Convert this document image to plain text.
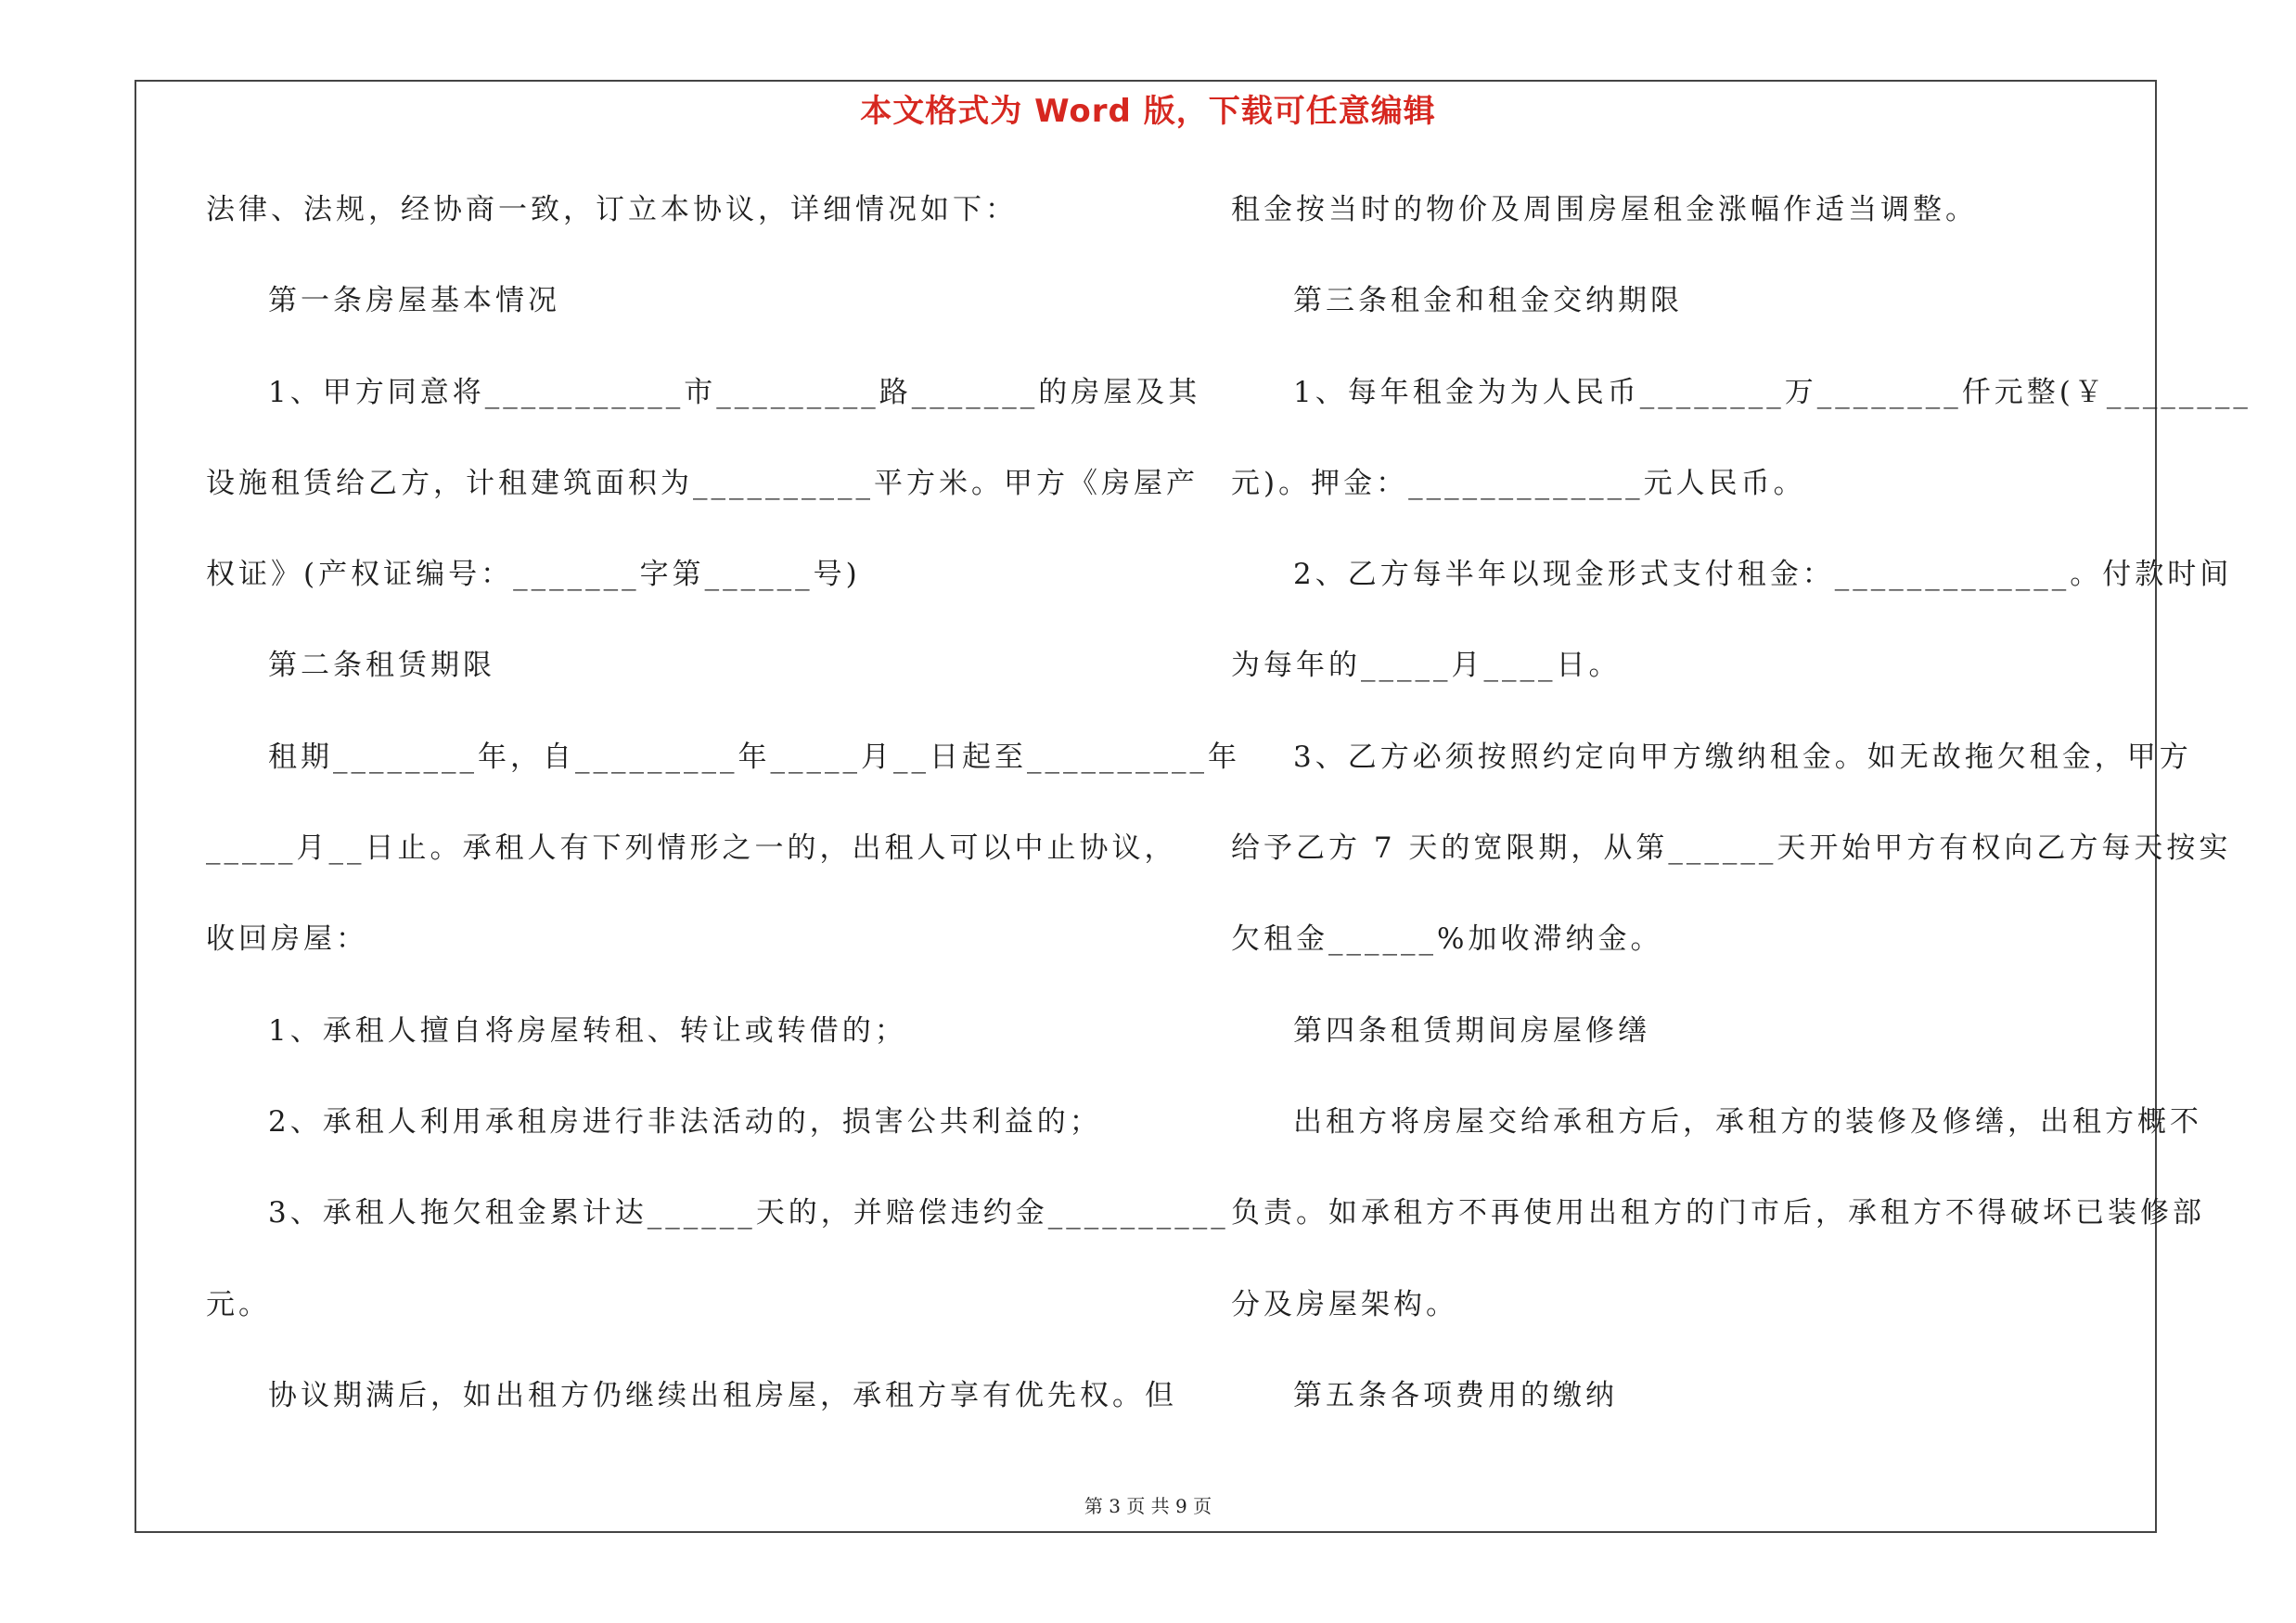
本文格式为 Word 版，下载可任意编辑
法律、法规，经协商一致，订立本协议，详细情况如下：
第一条房屋基本情况
1、甲方同意将___________市_________路_______的房屋及其
设施租赁给乙方，计租建筑面积为__________平方米。甲方《房屋产
权证》(产权证编号：_______字第______号)
第二条租赁期限
租期________年，自_________年_____月__日起至__________年
_____月__日止。承租人有下列情形之一的，出租人可以中止协议，
收回房屋：
1、承租人擅自将房屋转租、转让或转借的；
2、承租人利用承租房进行非法活动的，损害公共利益的；
3、承租人拖欠租金累计达______天的，并赔偿违约金__________
元。
协议期满后，如出租方仍继续出租房屋，承租方享有优先权。但
租金按当时的物价及周围房屋租金涨幅作适当调整。
第三条租金和租金交纳期限
1、每年租金为为人民币________万________仟元整(￥________
元)。押金：_____________元人民币。
2、乙方每半年以现金形式支付租金：_____________。付款时间
为每年的_____月____日。
3、乙方必须按照约定向甲方缴纳租金。如无故拖欠租金，甲方
给予乙方 7 天的宽限期，从第______天开始甲方有权向乙方每天按实
欠租金______%加收滞纳金。
第四条租赁期间房屋修缮
出租方将房屋交给承租方后，承租方的装修及修缮，出租方概不
负责。如承租方不再使用出租方的门市后，承租方不得破坏已装修部
分及房屋架构。
第五条各项费用的缴纳
第 3 页 共 9 页
